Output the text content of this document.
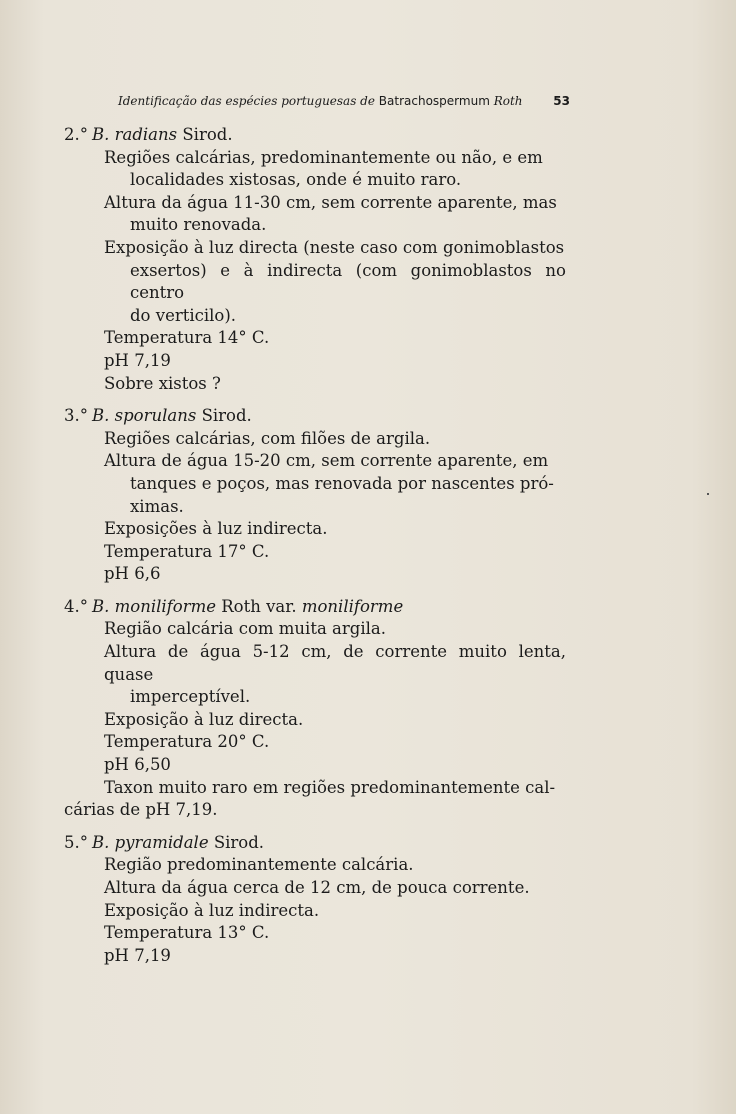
Identificação das espécies portuguesas de Batrachospermum Roth	53
2.° B. radians Sirod.
Regiões calcárias, predominantemente ou não, e em
localidades xistosas, onde é muito raro.
Altura da água 11-30 cm, sem corrente aparente, mas
muito renovada.
Exposição à luz directa (neste caso com gonimoblastos
exsertos) e à indirecta (com gonimoblastos no centro
do verticilo).
Temperatura 14° C.
pH 7,19
Sobre xistos ?
3.° B. sporulans Sirod.
Regiões calcárias, com filões de argila.
Altura de água 15-20 cm, sem corrente aparente, em
tanques e poços, mas renovada por nascentes pró-
ximas.
Exposições à luz indirecta.
Temperatura 17° C.
pH 6,6
4.° B. moniliforme Roth var. moniliforme
Região calcária com muita argila.
Altura de água 5-12 cm, de corrente muito lenta, quase
imperceptível.
Exposição à luz directa.
Temperatura 20° C.
pH 6,50
Taxon muito raro em regiões predominantemente cal-
cárias de pH 7,19.
5.° B. pyramidale Sirod.
Região predominantemente calcária.
Altura da água cerca de 12 cm, de pouca corrente.
Exposição à luz indirecta.
Temperatura 13° C.
pH 7,19
